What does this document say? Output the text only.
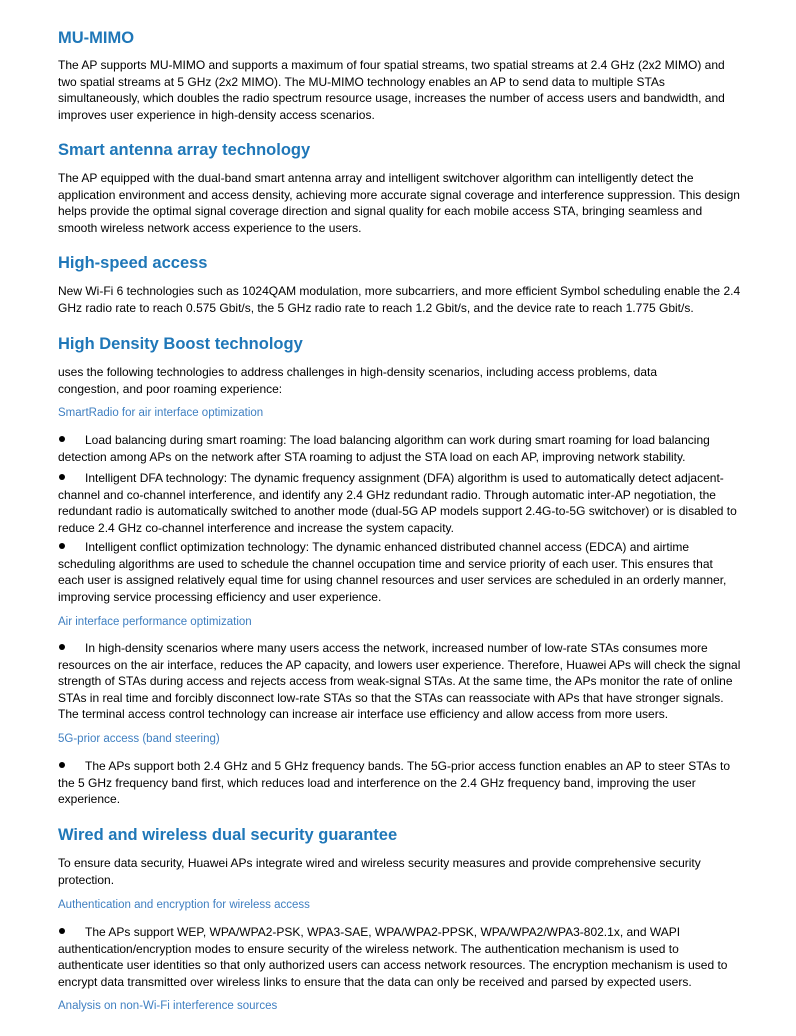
MU-MIMO

The AP supports MU-MIMO and supports a maximum of four spatial streams, two spatial streams at 2.4 GHz (2x2 MIMO) and two spatial streams at 5 GHz (2x2 MIMO). The MU-MIMO technology enables an AP to send data to multiple STAs simultaneously, which doubles the radio spectrum resource usage, increases the number of access users and bandwidth, and improves user experience in high-density access scenarios.

Smart antenna array technology

The AP equipped with the dual-band smart antenna array and intelligent switchover algorithm can intelligently detect the application environment and access density, achieving more accurate signal coverage and interference suppression. This design helps provide the optimal signal coverage direction and signal quality for each mobile access STA, bringing seamless and smooth wireless network access experience to the users.

High-speed access

New Wi-Fi 6 technologies such as 1024QAM modulation, more subcarriers, and more efficient Symbol scheduling enable the 2.4 GHz radio rate to reach 0.575 Gbit/s, the 5 GHz radio rate to reach 1.2 Gbit/s, and the device rate to reach 1.775 Gbit/s.

High Density Boost technology

uses the following technologies to address challenges in high-density scenarios, including access problems, data congestion, and poor roaming experience:

SmartRadio for air interface optimization
Load balancing during smart roaming: The load balancing algorithm can work during smart roaming for load balancing detection among APs on the network after STA roaming to adjust the STA load on each AP, improving network stability.
Intelligent DFA technology: The dynamic frequency assignment (DFA) algorithm is used to automatically detect adjacent-channel and co-channel interference, and identify any 2.4 GHz redundant radio. Through automatic inter-AP negotiation, the redundant radio is automatically switched to another mode (dual-5G AP models support 2.4G-to-5G switchover) or is disabled to reduce 2.4 GHz co-channel interference and increase the system capacity.
Intelligent conflict optimization technology: The dynamic enhanced distributed channel access (EDCA) and airtime scheduling algorithms are used to schedule the channel occupation time and service priority of each user. This ensures that each user is assigned relatively equal time for using channel resources and user services are scheduled in an orderly manner, improving service processing efficiency and user experience.
Air interface performance optimization
In high-density scenarios where many users access the network, increased number of low-rate STAs consumes more resources on the air interface, reduces the AP capacity, and lowers user experience. Therefore, Huawei APs will check the signal strength of STAs during access and rejects access from weak-signal STAs. At the same time, the APs monitor the rate of online STAs in real time and forcibly disconnect low-rate STAs so that the STAs can reassociate with APs that have stronger signals. The terminal access control technology can increase air interface use efficiency and allow access from more users.
5G-prior access (band steering)
The APs support both 2.4 GHz and 5 GHz frequency bands. The 5G-prior access function enables an AP to steer STAs to the 5 GHz frequency band first, which reduces load and interference on the 2.4 GHz frequency band, improving the user experience.
Wired and wireless dual security guarantee

To ensure data security, Huawei APs integrate wired and wireless security measures and provide comprehensive security protection.

Authentication and encryption for wireless access
The APs support WEP, WPA/WPA2-PSK, WPA3-SAE, WPA/WPA2-PPSK, WPA/WPA2/WPA3-802.1x, and WAPI authentication/encryption modes to ensure security of the wireless network. The authentication mechanism is used to authenticate user identities so that only authorized users can access network resources. The encryption mechanism is used to encrypt data transmitted over wireless links to ensure that the data can only be received and parsed by expected users.
Analysis on non-Wi-Fi interference sources
